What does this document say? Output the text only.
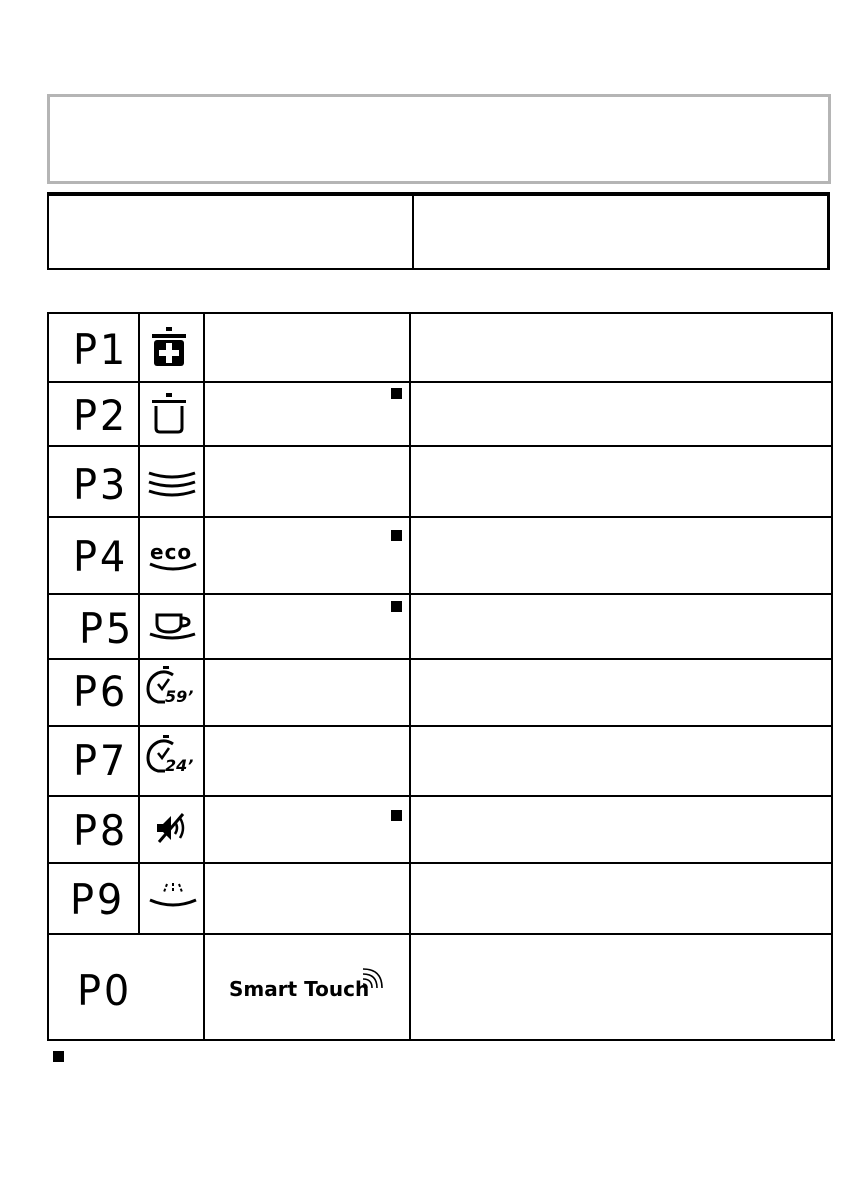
P1
P2
P3
P4 eco
P5
P6 59’
P7 24’
P8
P9
P0	Smart Touch
